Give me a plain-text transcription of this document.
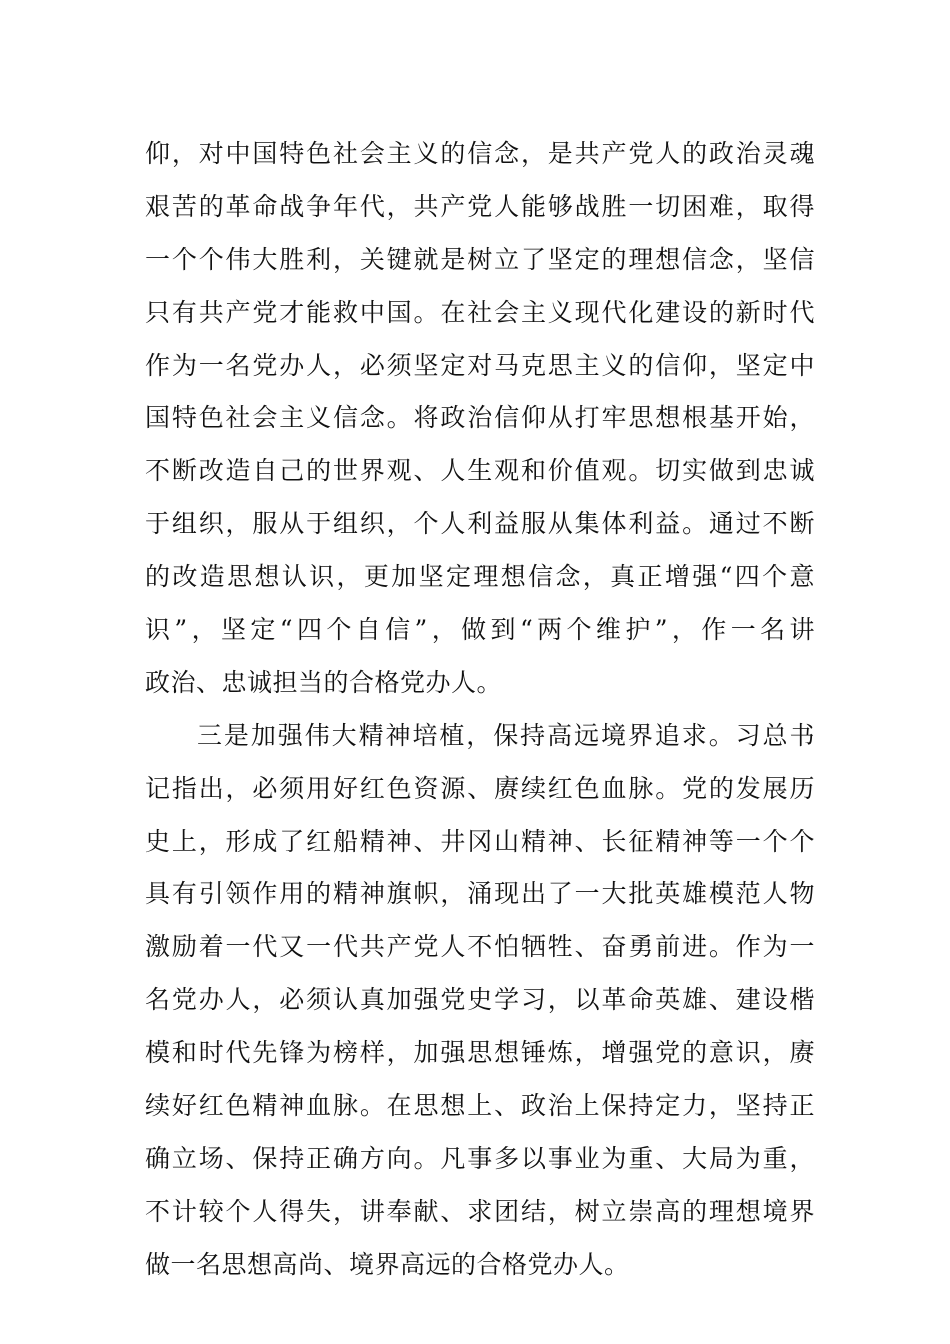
仰，对中国特色社会主义的信念，是共产党人的政治灵魂
艰苦的革命战争年代，共产党人能够战胜一切困难，取得
一个个伟大胜利，关键就是树立了坚定的理想信念，坚信
只有共产党才能救中国。在社会主义现代化建设的新时代
作为一名党办人，必须坚定对马克思主义的信仰，坚定中
国特色社会主义信念。将政治信仰从打牢思想根基开始，
不断改造自己的世界观、人生观和价值观。切实做到忠诚
于组织，服从于组织，个人利益服从集体利益。通过不断
的改造思想认识，更加坚定理想信念，真正增强“四个意
识”，坚定“四个自信”，做到“两个维护”，作一名讲
政治、忠诚担当的合格党办人。
三是加强伟大精神培植，保持高远境界追求。习总书
记指出，必须用好红色资源、赓续红色血脉。党的发展历
史上，形成了红船精神、井冈山精神、长征精神等一个个
具有引领作用的精神旗帜，涌现出了一大批英雄模范人物
激励着一代又一代共产党人不怕牺牲、奋勇前进。作为一
名党办人，必须认真加强党史学习，以革命英雄、建设楷
模和时代先锋为榜样，加强思想锤炼，增强党的意识，赓
续好红色精神血脉。在思想上、政治上保持定力，坚持正
确立场、保持正确方向。凡事多以事业为重、大局为重，
不计较个人得失，讲奉献、求团结，树立崇高的理想境界
做一名思想高尚、境界高远的合格党办人。
